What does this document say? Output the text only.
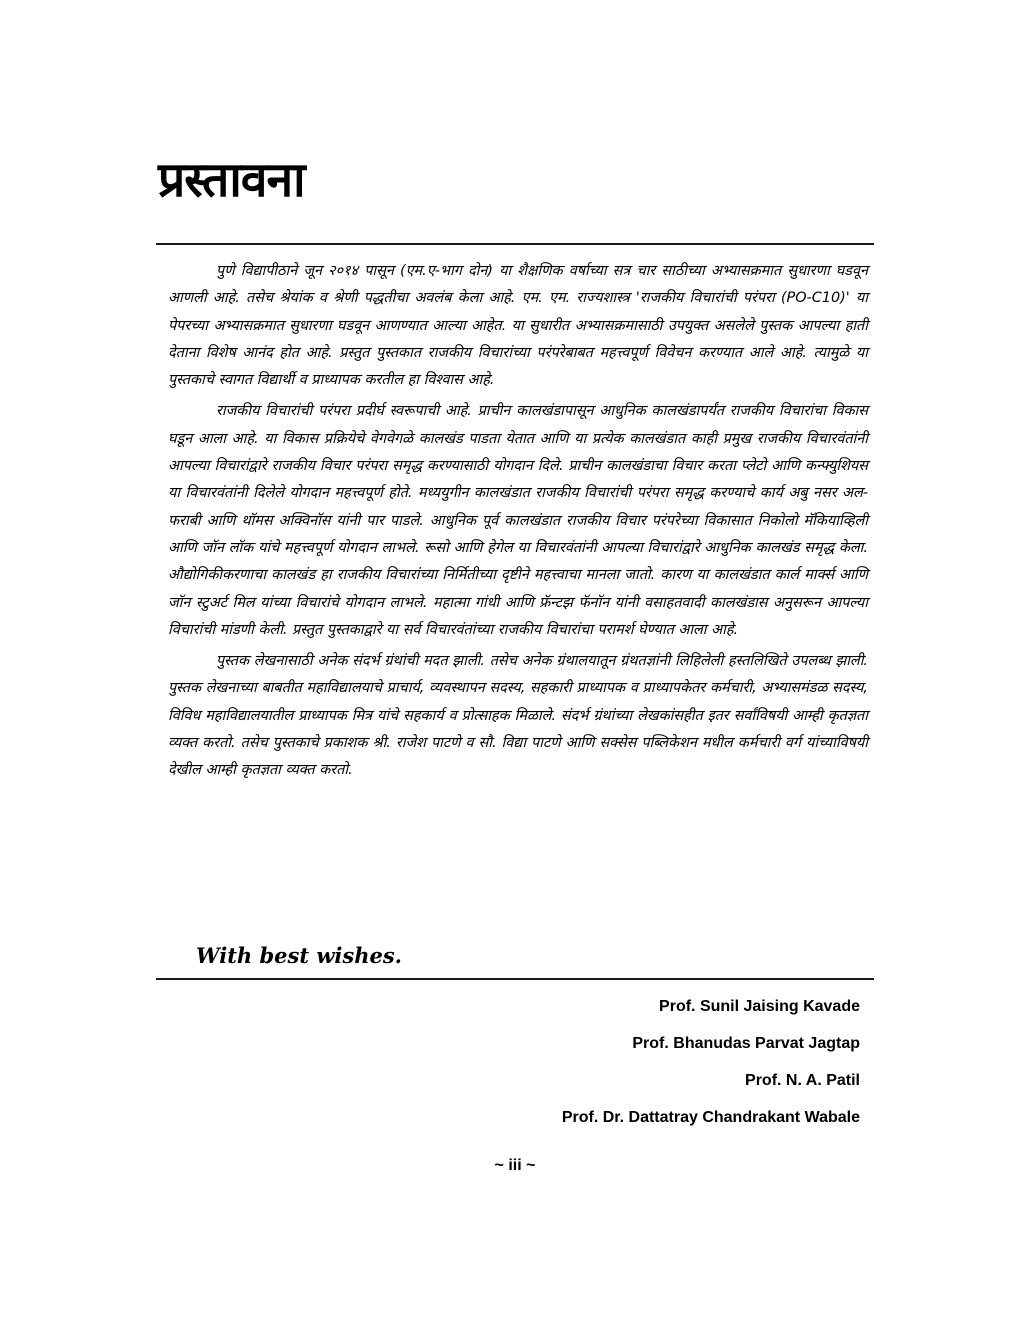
प्रस्तावना

पुणे विद्यापीठाने जून २०१४ पासून (एम.ए-भाग दोन) या शैक्षणिक वर्षाच्या सत्र चार साठीच्या अभ्यासक्रमात सुधारणा घडवून आणली आहे. तसेच श्रेयांक व श्रेणी पद्धतीचा अवलंब केला आहे. एम. एम. राज्यशास्त्र 'राजकीय विचारांची परंपरा (PO-C10)' या पेपरच्या अभ्यासक्रमात सुधारणा घडवून आणण्यात आल्या आहेत. या सुधारीत अभ्यासक्रमासाठी उपयुक्त असलेले पुस्तक आपल्या हाती देताना विशेष आनंद होत आहे. प्रस्तुत पुस्तकात राजकीय विचारांच्या परंपरेबाबत महत्त्वपूर्ण विवेचन करण्यात आले आहे. त्यामुळे या पुस्तकाचे स्वागत विद्यार्थी व प्राध्यापक करतील हा विश्वास आहे.

राजकीय विचारांची परंपरा प्रदीर्घ स्वरूपाची आहे. प्राचीन कालखंडापासून आधुनिक कालखंडापर्यंत राजकीय विचारांचा विकास घडून आला आहे. या विकास प्रक्रियेचे वेगवेगळे कालखंड पाडता येतात आणि या प्रत्येक कालखंडात काही प्रमुख राजकीय विचारवंतांनी आपल्या विचारांद्वारे राजकीय विचार परंपरा समृद्ध करण्यासाठी योगदान दिले. प्राचीन कालखंडाचा विचार करता प्लेटो आणि कन्फ्युशियस या विचारवंतांनी दिलेले योगदान महत्त्वपूर्ण होते. मध्ययुगीन कालखंडात राजकीय विचारांची परंपरा समृद्ध करण्याचे कार्य अबु नसर अल-फराबी आणि थॉमस अक्विनॉस यांनी पार पाडले. आधुनिक पूर्व कालखंडात राजकीय विचार परंपरेच्या विकासात निकोलो मॅकियाव्हिली आणि जॉन लॉक यांचे महत्त्वपूर्ण योगदान लाभले. रूसो आणि हेगेल या विचारवंतांनी आपल्या विचारांद्वारे आधुनिक कालखंड समृद्ध केला. औद्योगिकीकरणाचा कालखंड हा राजकीय विचारांच्या निर्मितीच्या दृष्टीने महत्त्वाचा मानला जातो. कारण या कालखंडात कार्ल मार्क्स आणि जॉन स्टुअर्ट मिल यांच्या विचारांचे योगदान लाभले. महात्मा गांधी आणि फ्रॅन्टझ फॅनॉन यांनी वसाहतवादी कालखंडास अनुसरून आपल्या विचारांची मांडणी केली. प्रस्तुत पुस्तकाद्वारे या सर्व विचारवंतांच्या राजकीय विचारांचा परामर्श घेण्यात आला आहे.

पुस्तक लेखनासाठी अनेक संदर्भ ग्रंथांची मदत झाली. तसेच अनेक ग्रंथालयातून ग्रंथतज्ञांनी लिहिलेली हस्तलिखिते उपलब्ध झाली. पुस्तक लेखनाच्या बाबतीत महाविद्यालयाचे प्राचार्य, व्यवस्थापन सदस्य, सहकारी प्राध्यापक व प्राध्यापकेतर कर्मचारी, अभ्यासमंडळ सदस्य, विविध महाविद्यालयातील प्राध्यापक मित्र यांचे सहकार्य व प्रोत्साहक मिळाले. संदर्भ ग्रंथांच्या लेखकांसहीत इतर सर्वांविषयी आम्ही कृतज्ञता व्यक्त करतो. तसेच पुस्तकाचे प्रकाशक श्री. राजेश पाटणे व सौ. विद्या पाटणे आणि सक्सेस पब्लिकेशन मधील कर्मचारी वर्ग यांच्याविषयी देखील आम्ही कृतज्ञता व्यक्त करतो.

With best wishes.
Prof. Sunil Jaising Kavade
Prof. Bhanudas Parvat Jagtap
Prof. N. A. Patil
Prof. Dr. Dattatray Chandrakant Wabale
~ iii ~
